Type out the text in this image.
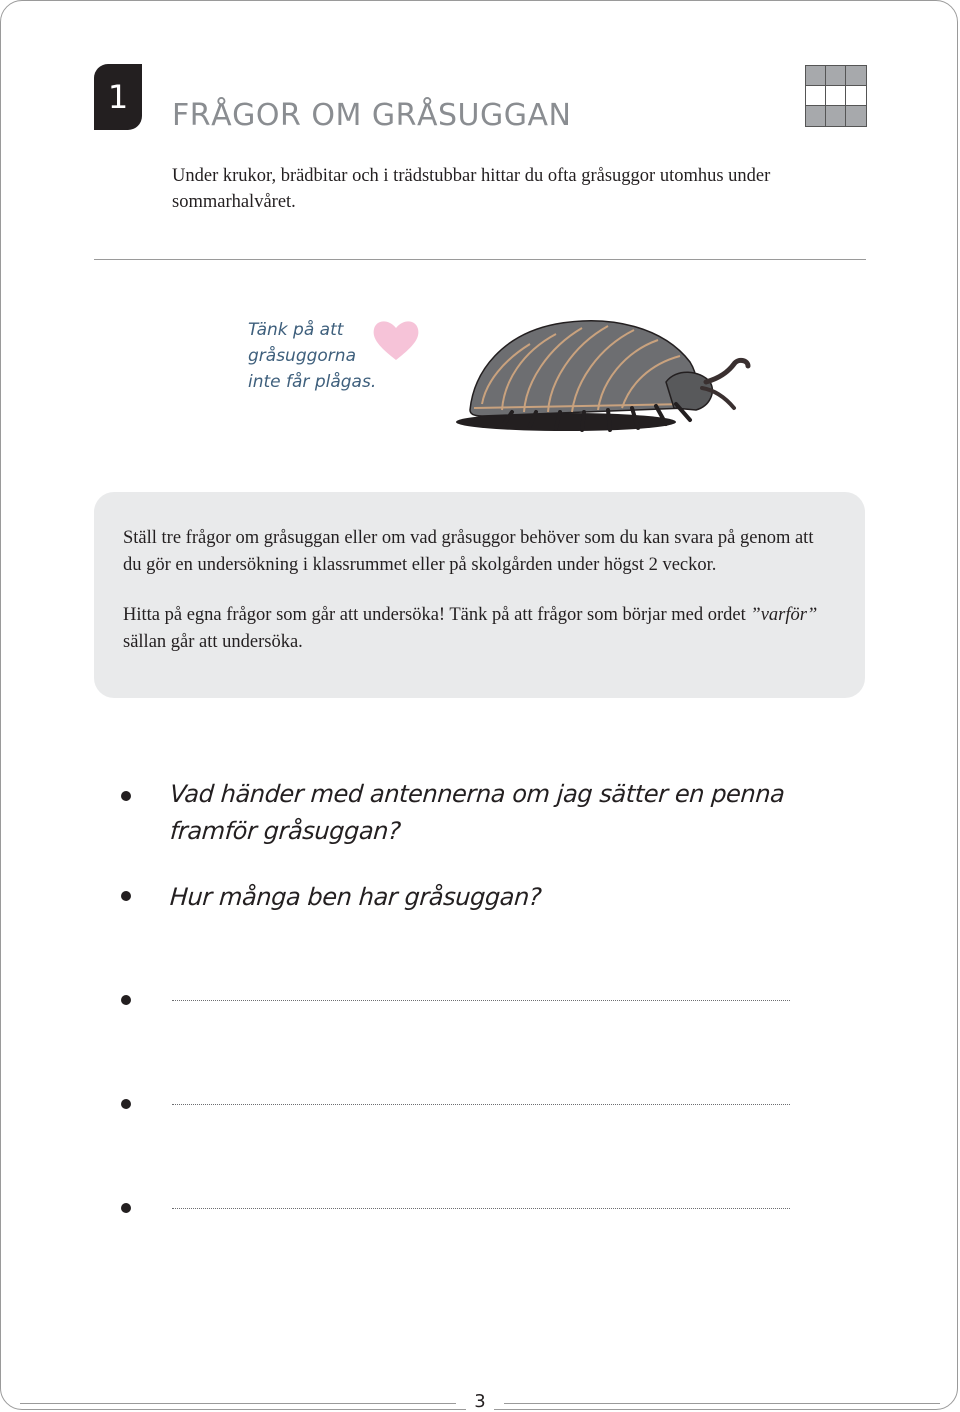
1	FRÅGOR OM GRÅSUGGAN
Under krukor, brädbitar och i trädstubbar hittar du ofta gråsuggor utomhus under sommarhalvåret.
Tänk på att
gråsuggorna
inte får plågas.

Ställ tre frågor om gråsuggan eller om vad gråsuggor behöver som du kan svara på genom att du gör en undersökning i klassrummet eller på skolgården under högst 2 veckor.

Hitta på egna frågor som går att undersöka! Tänk på att frågor som börjar med ordet ”varför” sällan går att undersöka.

Vad händer med antennerna om jag sätter en penna
framför gråsuggan?
Hur många ben har gråsuggan?
3
